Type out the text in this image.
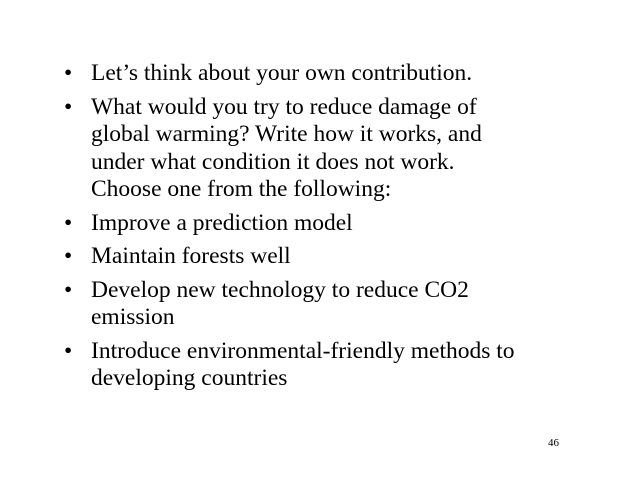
• Let’s think about your own contribution.
• What would you try to reduce damage of
global warming? Write how it works, and
under what condition it does not work.
Choose one from the following:
• Improve a prediction model
• Maintain forests well
• Develop new technology to reduce CO2
emission
• Introduce environmental-friendly methods to
developing countries
46
